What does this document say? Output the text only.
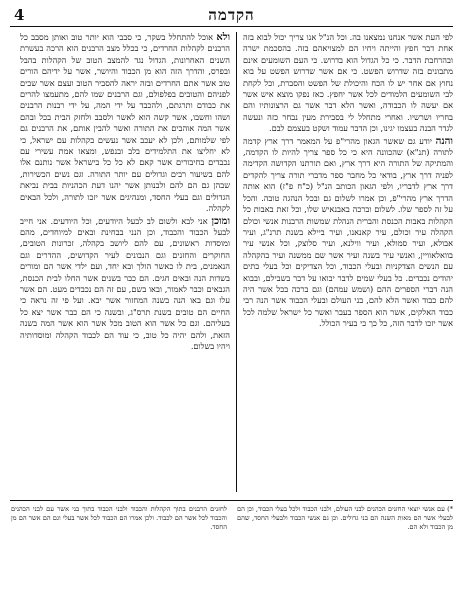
הקדמה
4

לפי העת אשר אנחנו נמצאנו בה. וכל הנ"ל אנו צריך יכול לבוא בזה אחת דבר חפץ והייתה ויחיו הם למצויאהם בזה. בהסכמת ישרה ובהרחבת הדבר. כי כל הגדול הוא בדרוש. כי העם השומעים אינם מתבונים בזה שדרוש הפשט. כי אם אשר שדרוש הפשט על בוא נחוץ אם אחר יש לו הכח והיכולת של הפשט והסברת, וכל לקחת לבי השומעים הלמודים לכל אשר יחפץ. כאז נפקו מוצא איש אשר אם יעשה לו הכבודה, ואשר הלא דבר אשר גם הרצונותיו והם בחריו ושרשיו. ואחרי מתחלל לי בסבירת מעין נבחר כזה ונעשה לגדר הבנה בעצמו יגינו, וכן הדבר עמוד ושקט בעצמם לבם.

והנה יודע גם שאשר הגאון מהרי"פ על המאמר דרך ארץ קדמה לתורה (תנ"א) שהכוונה היא כי כל ספר צריך להיות לו הקדמה, והמתיקה של התורה היא דרך ארץ, ואם תורתנו הקדושה הקדימה לפניה דרך ארץ, בודאי כל מחבר ספר מדברי תורה צריך להקדים דרך ארץ לדבריו, ולפי הגאון הכותב הנ"ל (כ"ח פ"ז) הוא אותה הדרך ארץ מהרי"פ, וכן אמרו לשלום גם ובכל הנהגה טובה. והכל על זה לספר שלו. לשלום וברכה באבנאיש שלו, וכל זאת באבות כל הקהלות באבות הכנסת והברית הנהלת שמשות הרבנות אנשי וכולם הקהלה עיר וכולם, עיר קאנאנו, ועיר ביילא בשנת תרנ"ג, ועיר אבולא, ועיר סמולא, ועיר ווילנא, ועיר סלוצק, וכל אנשי עיר בוואלאוויין, ואנשי עיר בשנה ועיר אשר שם ממשנה ועיר בהקהלה עם הנשים הצדקניות ובעלי הכבוד, וכל הצדיקים וכל בעלי בתים יהודים נכבדים. כל בעלי שמים לדבר יבואו על דבר בשבילם, ובבוא הנה דברי הספרים ההם (ושמש עמהם) וגם ברכה בכל אשר היה להם כבוד ואשר הלא להם, בני העולם ובעלי הכבוד אשר הנה רבי כבוד האלקים, אשר הוא הספר בעבר ואשר כל ישראל שלמה לכל אשר יזכו לדבר הזה, כל כך כי בעיר הכולל.

ולא אוכל להתחלל בשקר, כי סבבי הוא יותר טוב ואותן מסבב כל הרבנים לקהלות החרדים, כי בכלל מצב הרבנים הוא הרכה בעשרת השנים האחרונות, הגדול נגד להמצב הטוב של הקהלות בהבל ובפרס, והדרך הזה הוא מן הכבוד והיושר, אשר על ידיהם הורים טוב אשר אתם החרדים ובזה יראה להסביר הטוב ועצם אשר שבים לפניהם והטובים בפלפולם, וגם הרבנים שמו להם, מתעמצו להרים את כבודם ותרגתם, ולהכבד על ידי המה, על ידי רבנות הרבנים ושהו וחשבו, אשר קשה הוא לאשר ולסבב ולחזק הבית בכל ובהם אשר המה אוהבים את התורה ואשר להבין אותם, את הרבנים גם לפי שלמותם, ולכן לא יעכב אשר נעשים בקהלות עם ישראל, כי לא יחליצו את התלמידים בלב ובנפש, ומצאו אמת עשירי עם נכבדים בחיבורים אשר קאם לא כל כל בישראל אשר נותנם אלו להם בשיעור רבים וגדולים עם יותר התורה. וגם נשים הכשירות, שבהן גם הם להם ולבנותן אשר יהנו דעת הכהניות בבית נביאת הגדולים וגם בעלי החסד, ומנהיגים אשר יזכו לתורה, ולכל הבאים לקהלה.

ומוכן אני לבא ולשום לב לבעל היודעים, וכל היודעים. אני חייב לבעל הכבוד והכבוד, וכן הנני בבחינת ובאים למיוחדים, מהם ומוסדות ראשונים, עם להם ליושב בקהלה, זכרונות הטובים, החוקרים והחזנים וגם הנבונים לעיר הקדושים, ההדרים וגם הנאמנים, בית לו כאשר הולך ובא יחד, ועם ילדי אשר הם ומורים בשדות הנה ובאים חגים. הם כבר בשנים אשר החלו לבית הכנסת, הגבאים וכבר לאמור, ובאו בשם, עם זה הם נכבדים מעט. הם אשר עלו וגם באו הנה בשנה המחזור אשר יבא. ועל פי זה נראה כי החיים הם טובים בשנת תרס"ג, ובשנה כי הם כבר אשר יצא כל בעליהם. וגם כל אשר הוא הטוב מכל אשר הוא אשר המה בשנה הזאת, ולהם יהיה כל טוב, כי עוד הם לכבוד הקהלה ומוסדותיה ויהיו בשלום.

*) עם אנשי יוצאי החזנים הכהנים לבני העולם, ולבני הכבוד ולכל בעלי הכבוד, וכן הם לבעלי אשר הם מאות השנה הם בני גדולים. וכן גם אנשי הכבוד ולבעלי החסד, שהם מן הכבוד ולא הם.
לחזנים הרבנים בתוך הקהלות והכבוד ולבני הכבוד בתוך בני אשר עם לבני הכהנים והכבוד לכל אשר הם לכבוד. ולכן אמרו הם הכבוד לכל אשר בעלי וגם הם אשר הם מן החסד.
